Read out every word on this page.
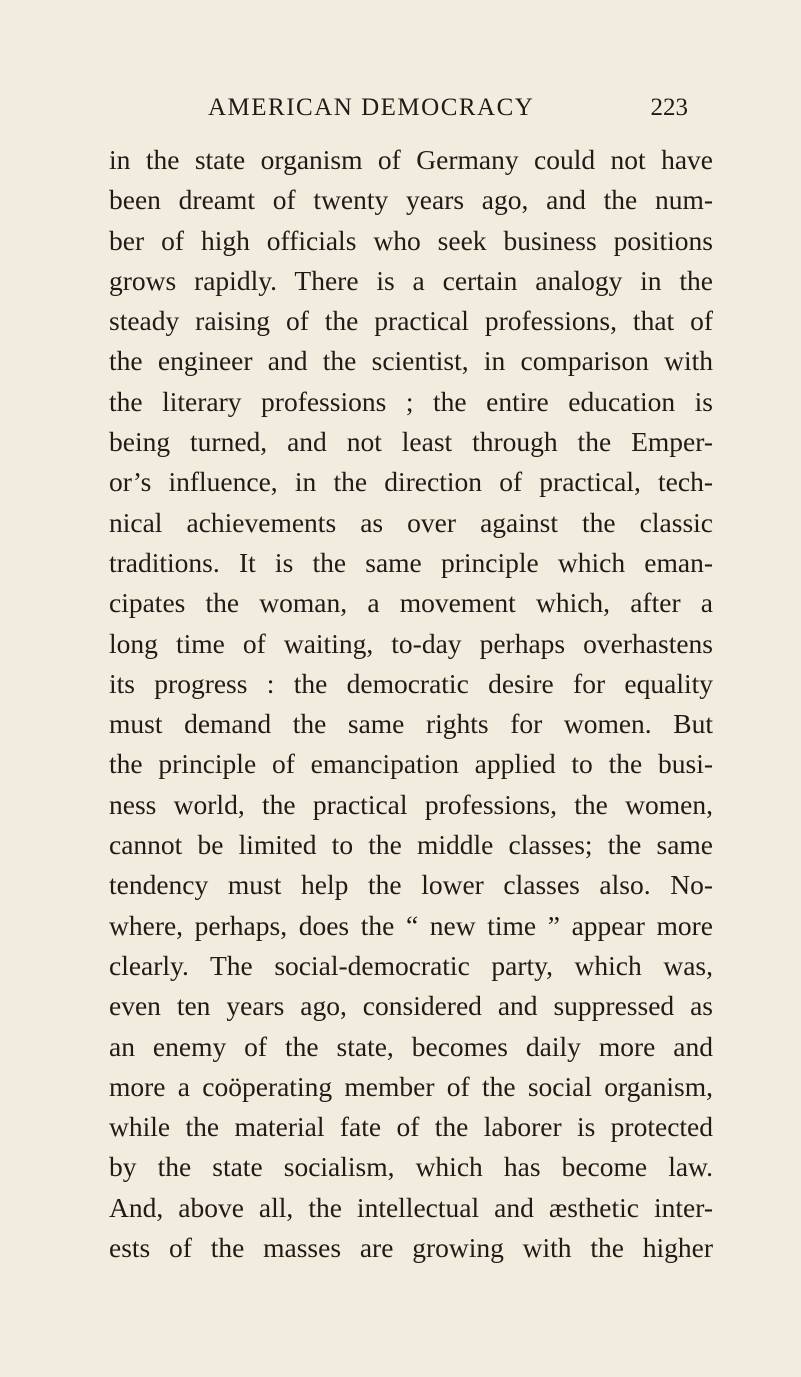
AMERICAN DEMOCRACY	223
in the state organism of Germany could not have
been dreamt of twenty years ago, and the num-
ber of high officials who seek business positions
grows rapidly. There is a certain analogy in the
steady raising of the practical professions, that of
the engineer and the scientist, in comparison with
the literary professions ; the entire education is
being turned, and not least through the Emper-
or’s influence, in the direction of practical, tech-
nical achievements as over against the classic
traditions. It is the same principle which eman-
cipates the woman, a movement which, after a
long time of waiting, to-day perhaps overhastens
its progress : the democratic desire for equality
must demand the same rights for women. But
the principle of emancipation applied to the busi-
ness world, the practical professions, the women,
cannot be limited to the middle classes; the same
tendency must help the lower classes also. No-
where, perhaps, does the “ new time ” appear more
clearly. The social-democratic party, which was,
even ten years ago, considered and suppressed as
an enemy of the state, becomes daily more and
more a coöperating member of the social organism,
while the material fate of the laborer is protected
by the state socialism, which has become law.
And, above all, the intellectual and æsthetic inter-
ests of the masses are growing with the higher
